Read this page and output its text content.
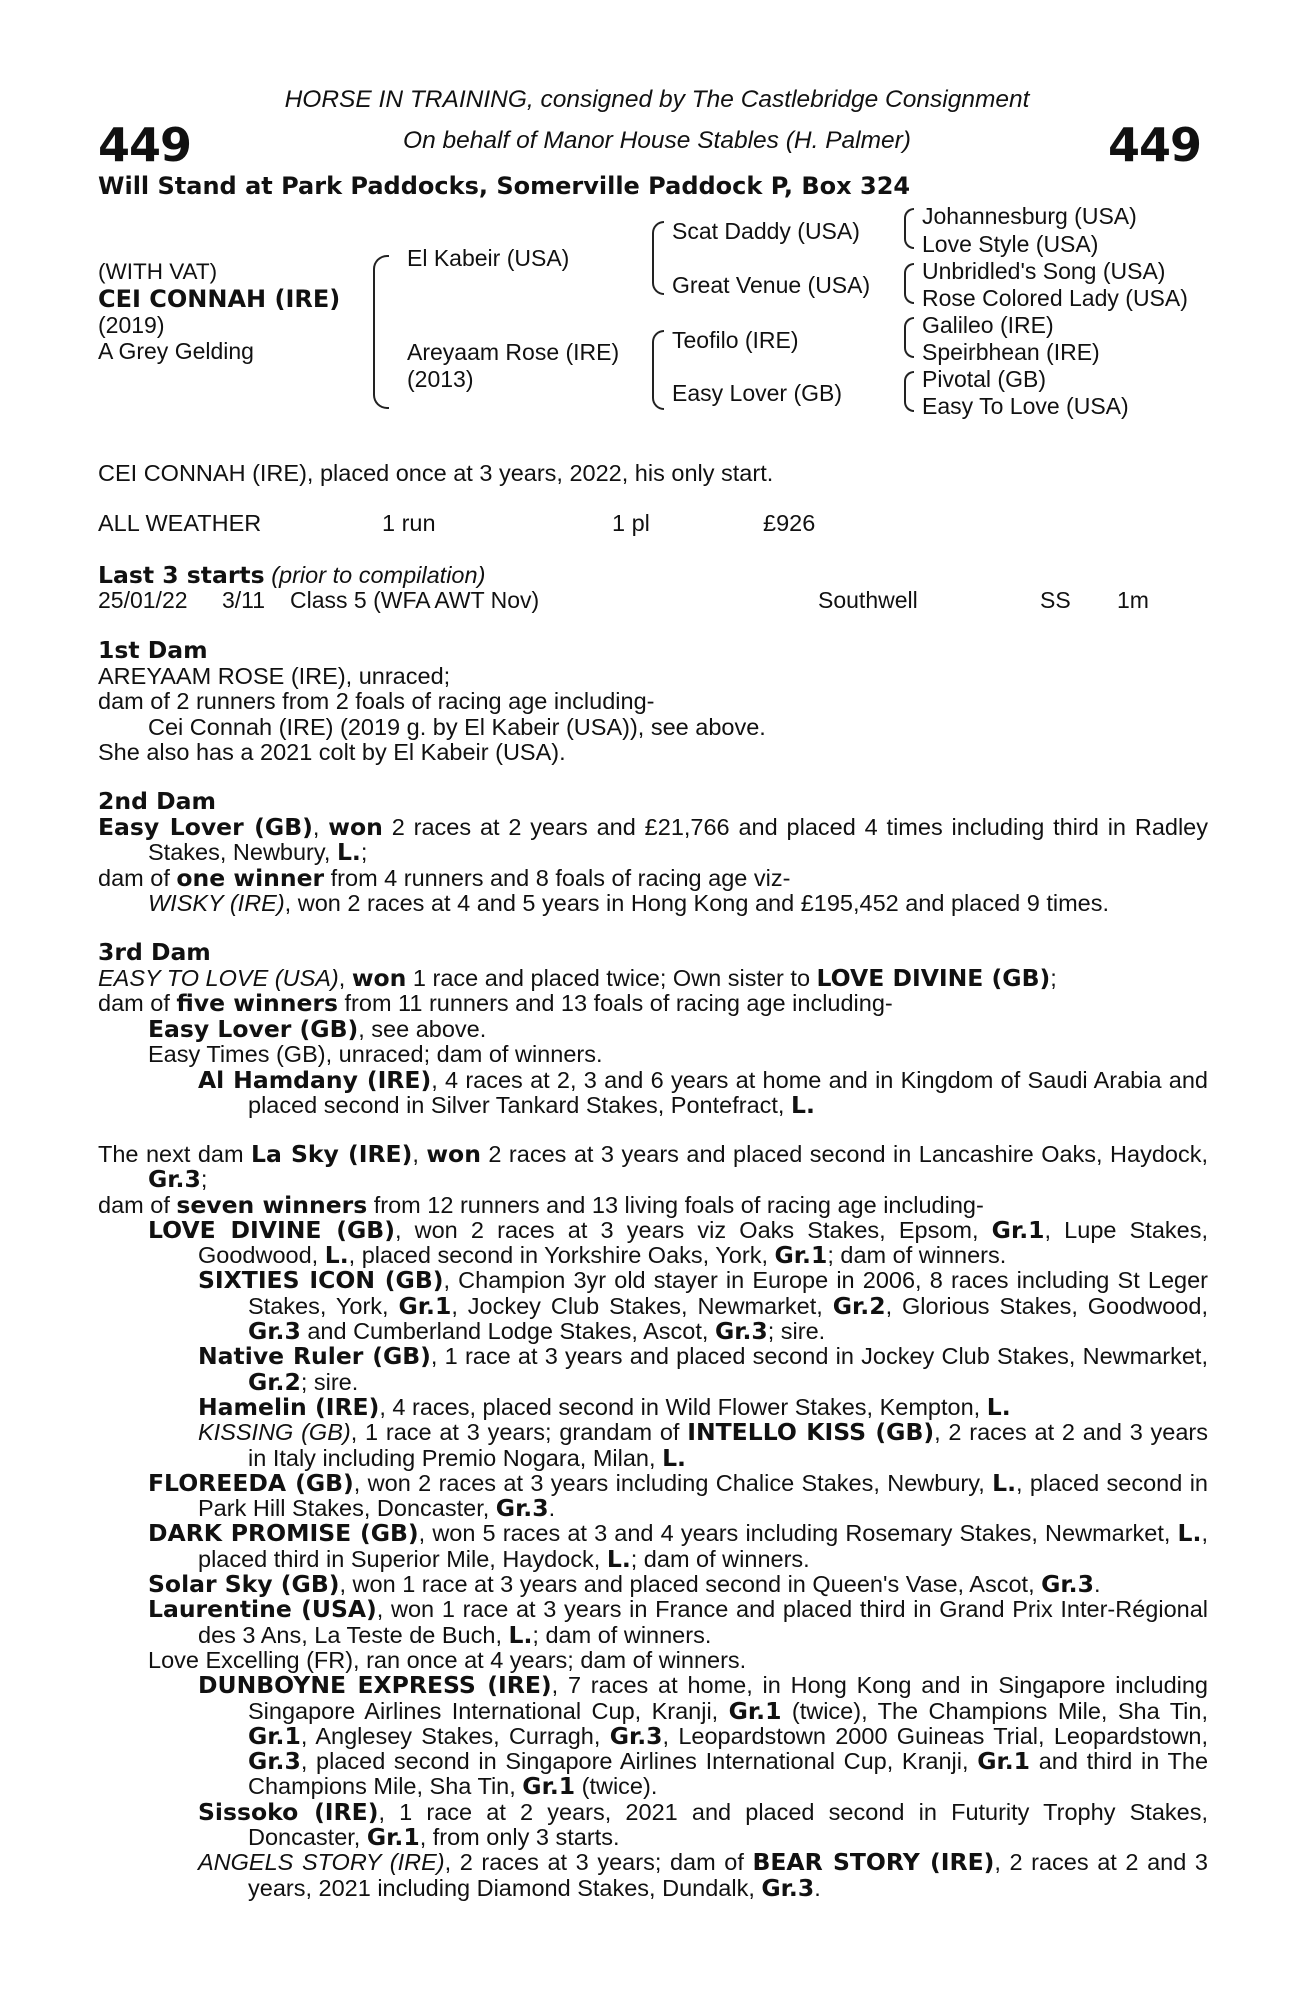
449	449
HORSE IN TRAINING, consigned by The Castlebridge Consignment
On behalf of Manor House Stables (H. Palmer)
Will Stand at Park Paddocks, Somerville Paddock P, Box 324
(WITH VAT)
CEI CONNAH (IRE)
(2019)
A Grey Gelding
El Kabeir (USA)
Areyaam Rose (IRE)
(2013)
Scat Daddy (USA)
Great Venue (USA)
Teofilo (IRE)
Easy Lover (GB)
Johannesburg (USA)
Love Style (USA)
Unbridled's Song (USA)
Rose Colored Lady (USA)
Galileo (IRE)
Speirbhean (IRE)
Pivotal (GB)
Easy To Love (USA)
CEI CONNAH (IRE), placed once at 3 years, 2022, his only start.
ALL WEATHER	1 run	1 pl	£926
Last 3 starts (prior to compilation)
25/01/22 3/11 Class 5 (WFA AWT Nov)	Southwell	SS 1m
1st Dam
AREYAAM ROSE (IRE), unraced;
dam of 2 runners from 2 foals of racing age including-
Cei Connah (IRE) (2019 g. by El Kabeir (USA)), see above.
She also has a 2021 colt by El Kabeir (USA).
2nd Dam

Easy Lover (GB), won 2 races at 2 years and £21,766 and placed 4 times including third in Radley Stakes, Newbury, L.;

dam of one winner from 4 runners and 8 foals of racing age viz-

WISKY (IRE), won 2 races at 4 and 5 years in Hong Kong and £195,452 and placed 9 times.

3rd Dam

EASY TO LOVE (USA), won 1 race and placed twice; Own sister to LOVE DIVINE (GB);

dam of five winners from 11 runners and 13 foals of racing age including-

Easy Lover (GB), see above.

Easy Times (GB), unraced; dam of winners.

Al Hamdany (IRE), 4 races at 2, 3 and 6 years at home and in Kingdom of Saudi Arabia and placed second in Silver Tankard Stakes, Pontefract, L.

The next dam La Sky (IRE), won 2 races at 3 years and placed second in Lancashire Oaks, Haydock, Gr.3;

dam of seven winners from 12 runners and 13 living foals of racing age including-

LOVE DIVINE (GB), won 2 races at 3 years viz Oaks Stakes, Epsom, Gr.1, Lupe Stakes, Goodwood, L., placed second in Yorkshire Oaks, York, Gr.1; dam of winners.

SIXTIES ICON (GB), Champion 3yr old stayer in Europe in 2006, 8 races including St Leger Stakes, York, Gr.1, Jockey Club Stakes, Newmarket, Gr.2, Glorious Stakes, Goodwood, Gr.3 and Cumberland Lodge Stakes, Ascot, Gr.3; sire.

Native Ruler (GB), 1 race at 3 years and placed second in Jockey Club Stakes, Newmarket, Gr.2; sire.

Hamelin (IRE), 4 races, placed second in Wild Flower Stakes, Kempton, L.

KISSING (GB), 1 race at 3 years; grandam of INTELLO KISS (GB), 2 races at 2 and 3 years in Italy including Premio Nogara, Milan, L.

FLOREEDA (GB), won 2 races at 3 years including Chalice Stakes, Newbury, L., placed second in Park Hill Stakes, Doncaster, Gr.3.

DARK PROMISE (GB), won 5 races at 3 and 4 years including Rosemary Stakes, Newmarket, L., placed third in Superior Mile, Haydock, L.; dam of winners.

Solar Sky (GB), won 1 race at 3 years and placed second in Queen's Vase, Ascot, Gr.3.

Laurentine (USA), won 1 race at 3 years in France and placed third in Grand Prix Inter-Régional des 3 Ans, La Teste de Buch, L.; dam of winners.

Love Excelling (FR), ran once at 4 years; dam of winners.

DUNBOYNE EXPRESS (IRE), 7 races at home, in Hong Kong and in Singapore including Singapore Airlines International Cup, Kranji, Gr.1 (twice), The Champions Mile, Sha Tin, Gr.1, Anglesey Stakes, Curragh, Gr.3, Leopardstown 2000 Guineas Trial, Leopardstown, Gr.3, placed second in Singapore Airlines International Cup, Kranji, Gr.1 and third in The Champions Mile, Sha Tin, Gr.1 (twice).

Sissoko (IRE), 1 race at 2 years, 2021 and placed second in Futurity Trophy Stakes, Doncaster, Gr.1, from only 3 starts.

ANGELS STORY (IRE), 2 races at 3 years; dam of BEAR STORY (IRE), 2 races at 2 and 3 years, 2021 including Diamond Stakes, Dundalk, Gr.3.
